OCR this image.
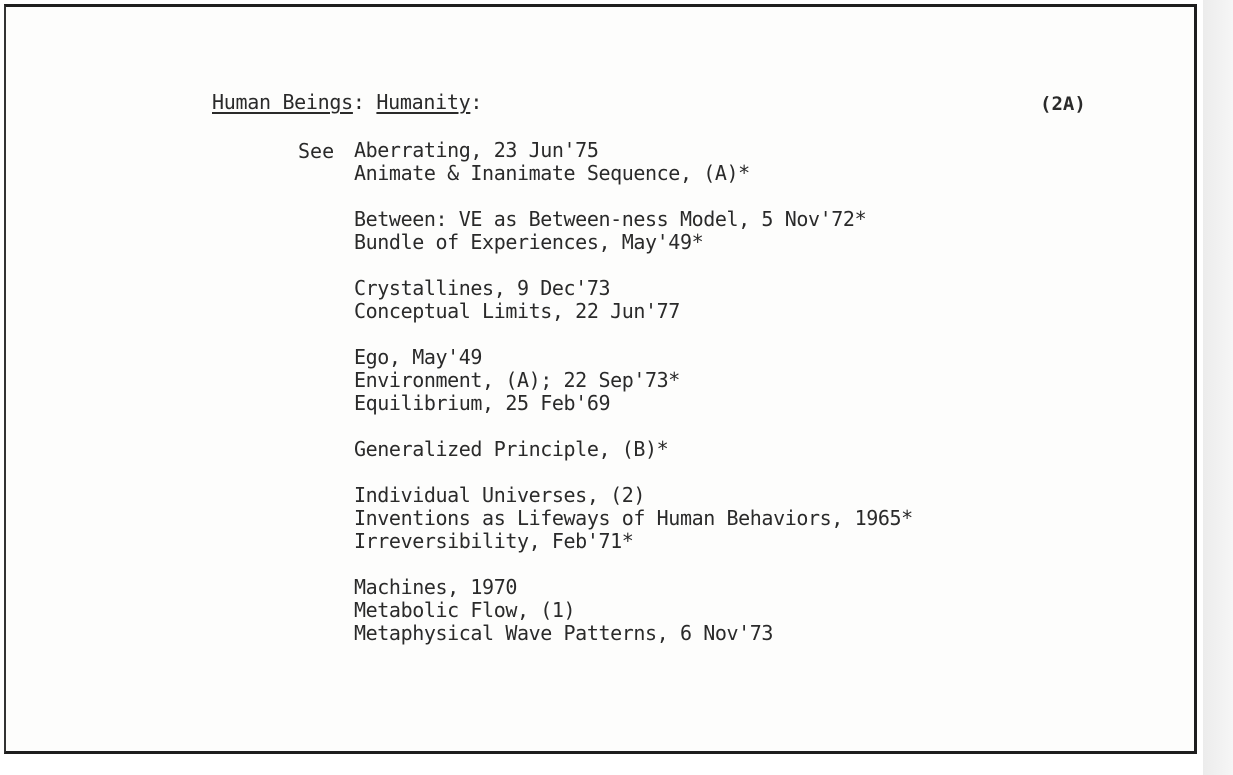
Human Beings: Humanity:	(2A)
See Aberrating, 23 Jun'75
Animate & Inanimate Sequence, (A)*
Between: VE as Between-ness Model, 5 Nov'72*
Bundle of Experiences, May'49*
Crystallines, 9 Dec'73
Conceptual Limits, 22 Jun'77
Ego, May'49
Environment, (A); 22 Sep'73*
Equilibrium, 25 Feb'69
Generalized Principle, (B)*
Individual Universes, (2)
Inventions as Lifeways of Human Behaviors, 1965*
Irreversibility, Feb'71*
Machines, 1970
Metabolic Flow, (1)
Metaphysical Wave Patterns, 6 Nov'73
